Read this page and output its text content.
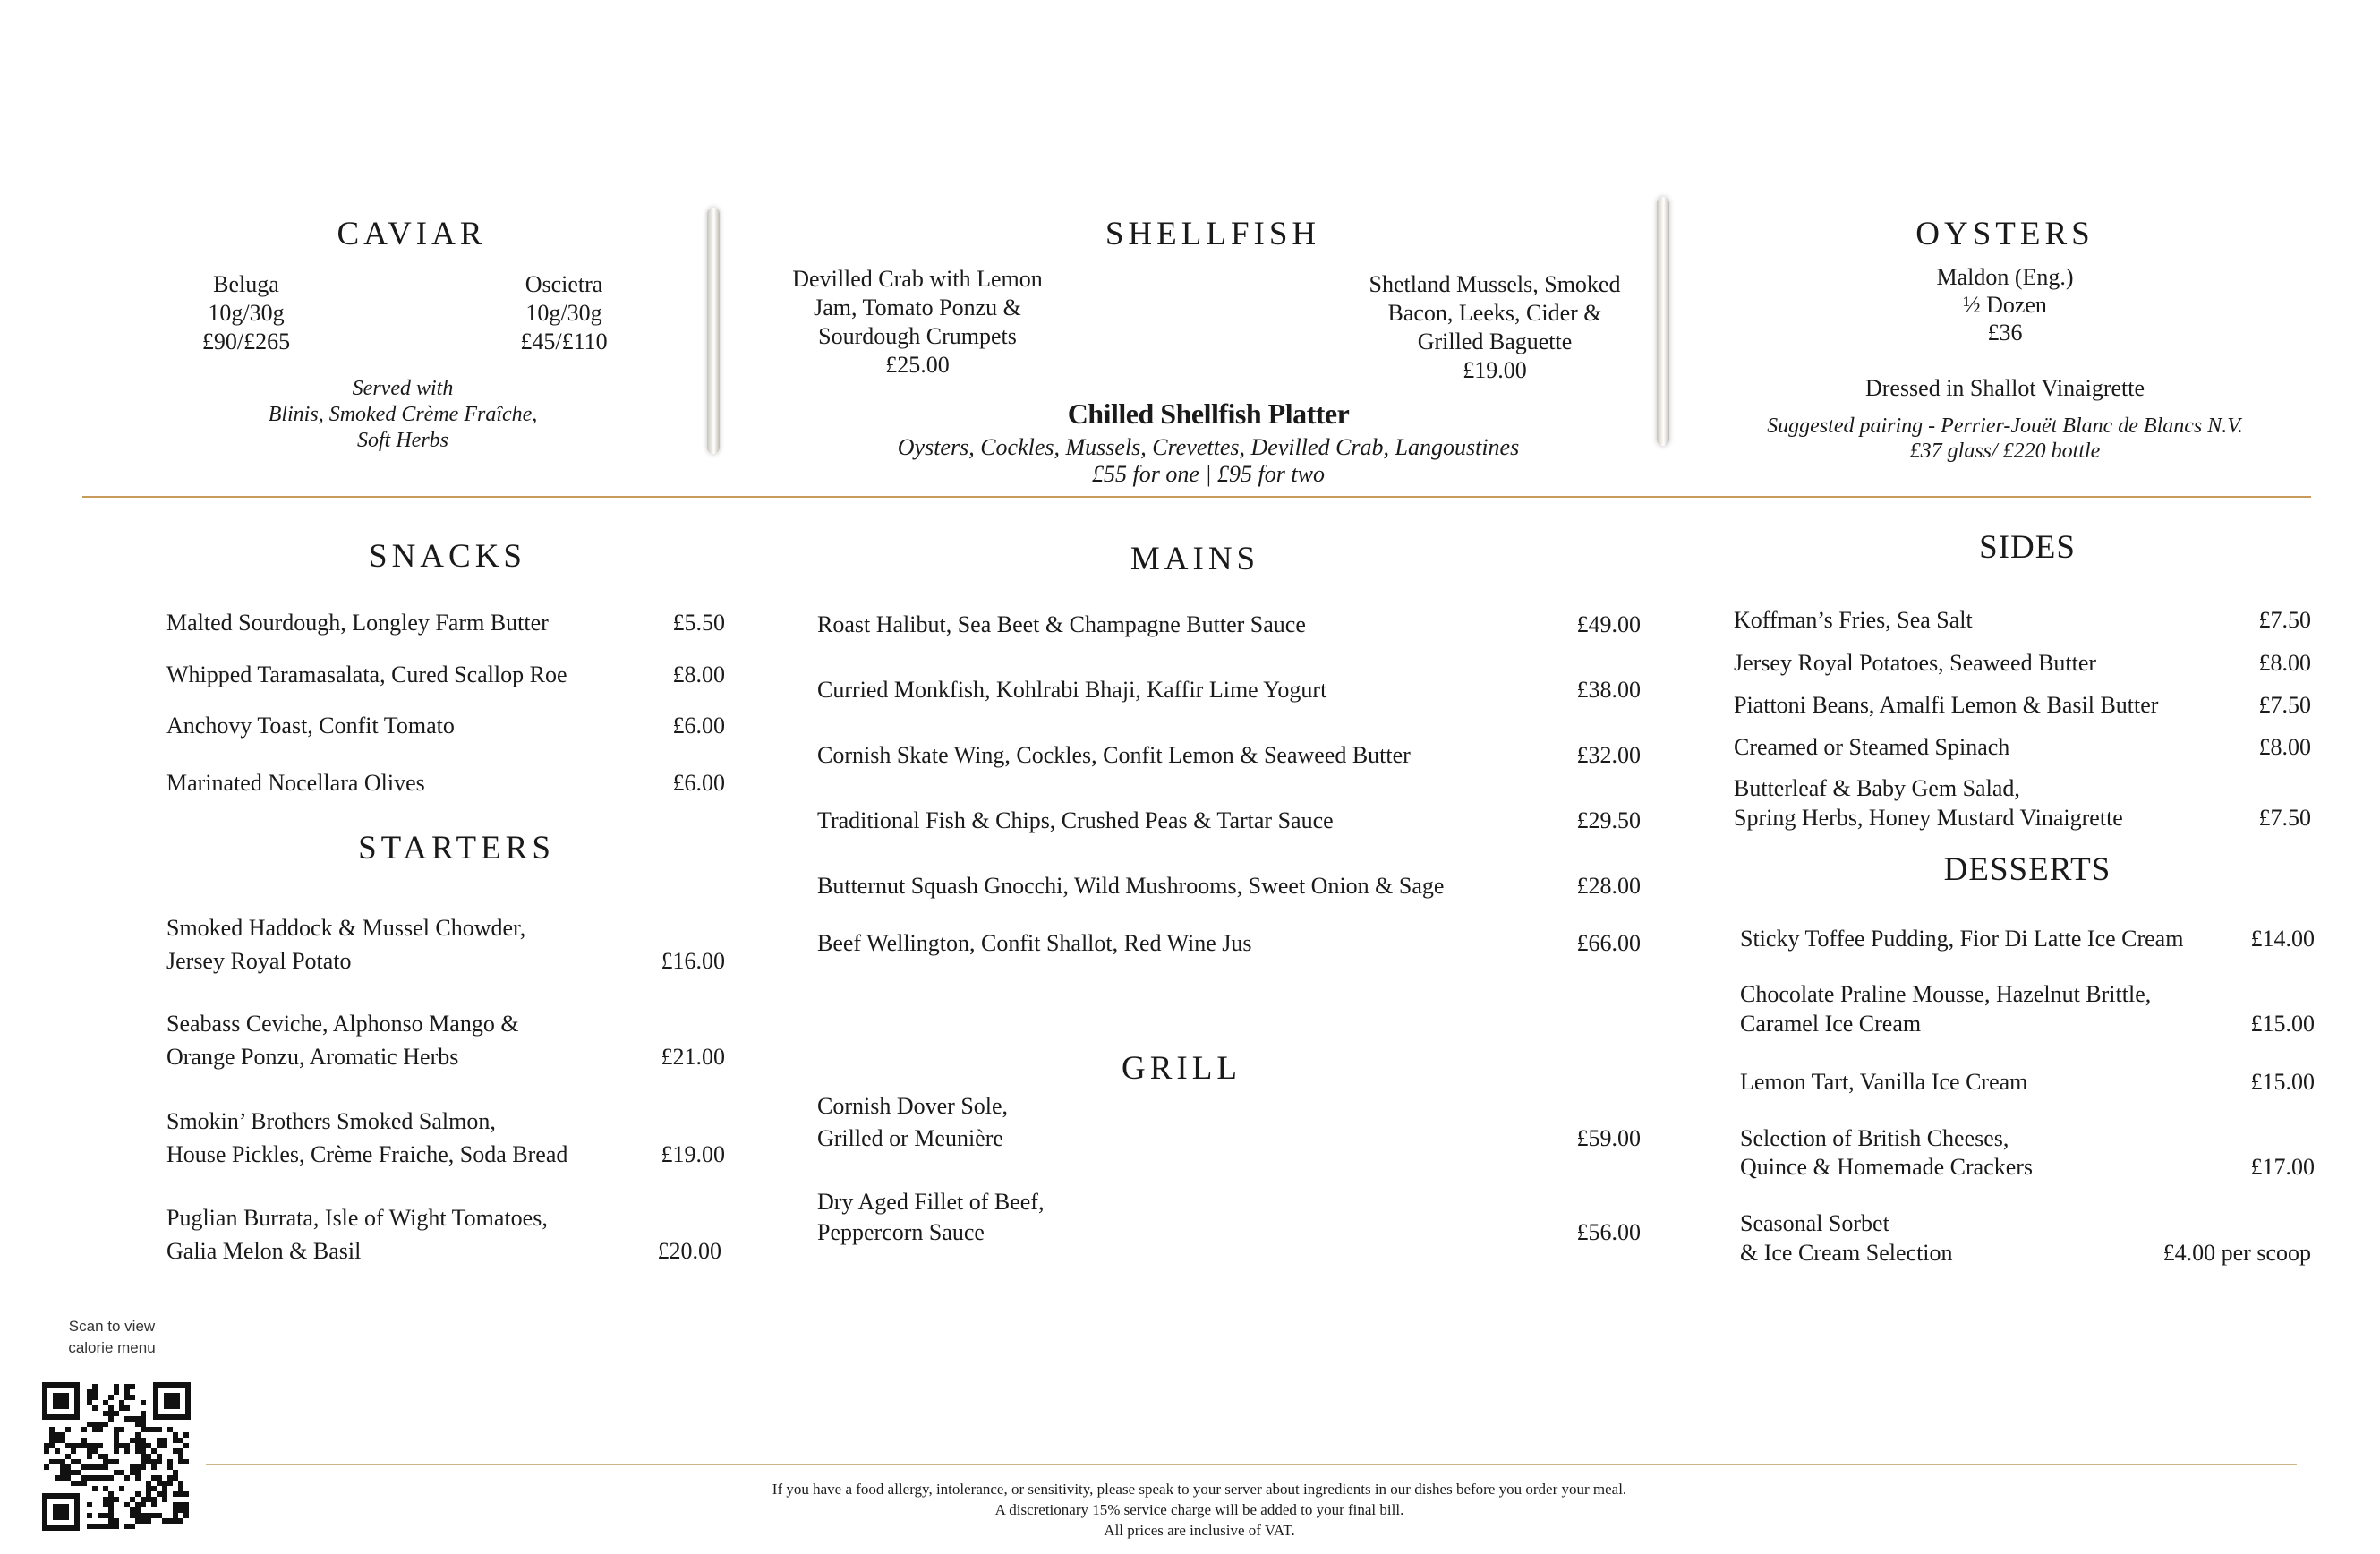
CAVIAR
Beluga
10g/30g
£90/£265
Oscietra
10g/30g
£45/£110
Served with
Blinis, Smoked Crème Fraîche,
Soft Herbs
SHELLFISH
Devilled Crab with Lemon
Jam, Tomato Ponzu &
Sourdough Crumpets
£25.00
Shetland Mussels, Smoked
Bacon, Leeks, Cider &
Grilled Baguette
£19.00
Chilled Shellfish Platter
Oysters, Cockles, Mussels, Crevettes, Devilled Crab, Langoustines
£55 for one | £95 for two
OYSTERS
Maldon (Eng.)
½ Dozen
£36
Dressed in Shallot Vinaigrette
Suggested pairing - Perrier-Jouët Blanc de Blancs N.V.
£37 glass/ £220 bottle
SNACKS
Malted Sourdough, Longley Farm Butter	£5.50
Whipped Taramasalata, Cured Scallop Roe	£8.00
Anchovy Toast, Confit Tomato	£6.00
Marinated Nocellara Olives	£6.00
STARTERS
Smoked Haddock & Mussel Chowder,
Jersey Royal Potato	£16.00
Seabass Ceviche, Alphonso Mango &
Orange Ponzu, Aromatic Herbs	£21.00
Smokin’ Brothers Smoked Salmon,
House Pickles, Crème Fraiche, Soda Bread	£19.00
Puglian Burrata, Isle of Wight Tomatoes,
Galia Melon & Basil	£20.00
MAINS
Roast Halibut, Sea Beet & Champagne Butter Sauce	£49.00
Curried Monkfish, Kohlrabi Bhaji, Kaffir Lime Yogurt	£38.00
Cornish Skate Wing, Cockles, Confit Lemon & Seaweed Butter	£32.00
Traditional Fish & Chips, Crushed Peas & Tartar Sauce	£29.50
Butternut Squash Gnocchi, Wild Mushrooms, Sweet Onion & Sage	£28.00
Beef Wellington, Confit Shallot, Red Wine Jus	£66.00
GRILL
Cornish Dover Sole,
Grilled or Meunière	£59.00
Dry Aged Fillet of Beef,
Peppercorn Sauce	£56.00
SIDES
Koffman’s Fries, Sea Salt	£7.50
Jersey Royal Potatoes, Seaweed Butter	£8.00
Piattoni Beans, Amalfi Lemon & Basil Butter	£7.50
Creamed or Steamed Spinach	£8.00
Butterleaf & Baby Gem Salad,
Spring Herbs, Honey Mustard Vinaigrette	£7.50
DESSERTS
Sticky Toffee Pudding, Fior Di Latte Ice Cream	£14.00
Chocolate Praline Mousse, Hazelnut Brittle,
Caramel Ice Cream	£15.00
Lemon Tart, Vanilla Ice Cream	£15.00
Selection of British Cheeses,
Quince & Homemade Crackers	£17.00
Seasonal Sorbet
& Ice Cream Selection	£4.00 per scoop
Scan to view
calorie menu
If you have a food allergy, intolerance, or sensitivity, please speak to your server about ingredients in our dishes before you order your meal.
A discretionary 15% service charge will be added to your final bill.
All prices are inclusive of VAT.
